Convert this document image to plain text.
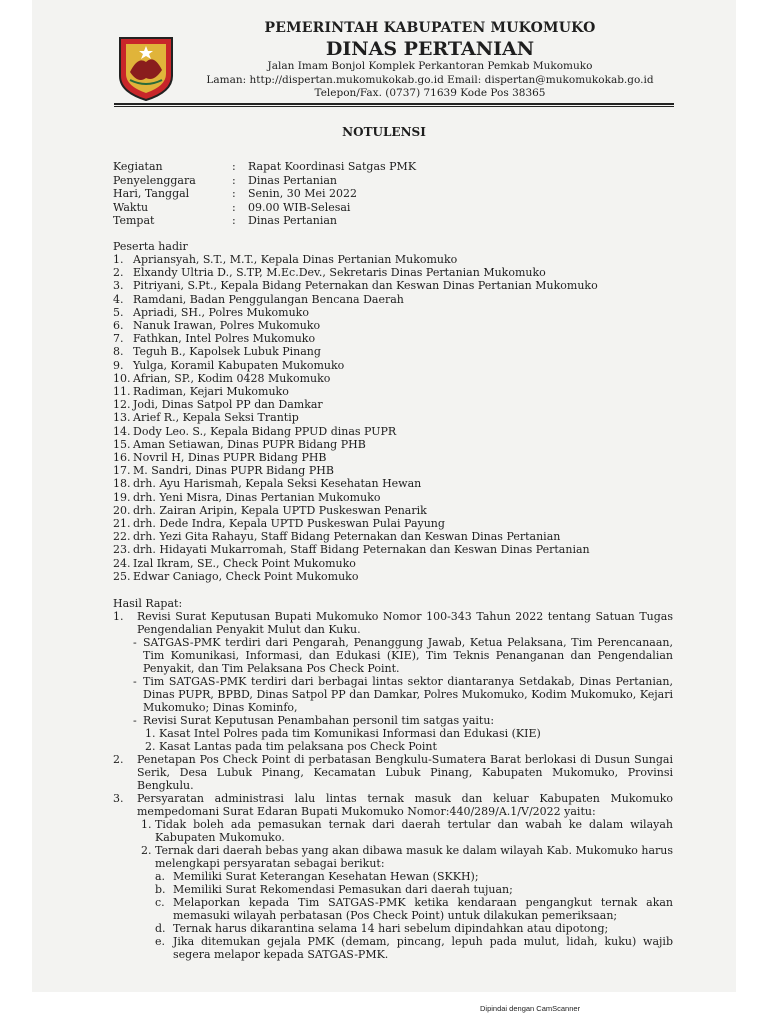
PEMERINTAH KABUPATEN MUKOMUKO
DINAS PERTANIAN
Jalan Imam Bonjol Komplek Perkantoran Pemkab Mukomuko
Laman: http://dispertan.mukomukokab.go.id Email: dispertan@mukomukokab.go.id
Telepon/Fax. (0737) 71639 Kode Pos 38365
NOTULENSI
Kegiatan	:	Rapat Koordinasi Satgas PMK
Penyelenggara	:	Dinas Pertanian
Hari, Tanggal	:	Senin, 30 Mei 2022
Waktu	:	09.00 WIB-Selesai
Tempat	:	Dinas Pertanian
Peserta hadir
1. Apriansyah, S.T., M.T., Kepala Dinas Pertanian Mukomuko
2. Elxandy Ultria D., S.TP, M.Ec.Dev., Sekretaris Dinas Pertanian Mukomuko
3. Pitriyani, S.Pt., Kepala Bidang Peternakan dan Keswan Dinas Pertanian Mukomuko
4. Ramdani, Badan Penggulangan Bencana Daerah
5. Apriadi, SH., Polres Mukomuko
6. Nanuk Irawan, Polres Mukomuko
7. Fathkan, Intel Polres Mukomuko
8. Teguh B., Kapolsek Lubuk Pinang
9. Yulga, Koramil Kabupaten Mukomuko
10. Afrian, SP., Kodim 0428 Mukomuko
11. Radiman, Kejari Mukomuko
12. Jodi, Dinas Satpol PP dan Damkar
13. Arief R., Kepala Seksi Trantip
14. Dody Leo. S., Kepala Bidang PPUD dinas PUPR
15. Aman Setiawan, Dinas PUPR Bidang PHB
16. Novril H, Dinas PUPR Bidang PHB
17. M. Sandri, Dinas PUPR Bidang PHB
18. drh. Ayu Harismah, Kepala Seksi Kesehatan Hewan
19. drh. Yeni Misra, Dinas Pertanian Mukomuko
20. drh. Zairan Aripin, Kepala UPTD Puskeswan Penarik
21. drh. Dede Indra, Kepala UPTD Puskeswan Pulai Payung
22. drh. Yezi Gita Rahayu, Staff Bidang Peternakan dan Keswan Dinas Pertanian
23. drh. Hidayati Mukarromah, Staff Bidang Peternakan dan Keswan Dinas Pertanian
24. Izal Ikram, SE., Check Point Mukomuko
25. Edwar Caniago, Check Point Mukomuko

Hasil Rapat:

1.	Revisi Surat Keputusan Bupati Mukomuko Nomor 100-343 Tahun 2022 tentang Satuan Tugas Pengendalian Penyakit Mulut dan Kuku.
- SATGAS-PMK terdiri dari Pengarah, Penanggung Jawab, Ketua Pelaksana, Tim Perencanaan, Tim Komunikasi, Informasi, dan Edukasi (KIE), Tim Teknis Penanganan dan Pengendalian Penyakit, dan Tim Pelaksana Pos Check Point.
- Tim SATGAS-PMK terdiri dari berbagai lintas sektor diantaranya Setdakab, Dinas Pertanian, Dinas PUPR, BPBD, Dinas Satpol PP dan Damkar, Polres Mukomuko, Kodim Mukomuko, Kejari Mukomuko; Dinas Kominfo,
- Revisi Surat Keputusan Penambahan personil tim satgas yaitu:
1. Kasat Intel Polres pada tim Komunikasi Informasi dan Edukasi (KIE)
2. Kasat Lantas pada tim pelaksana pos Check Point
2.	Penetapan Pos Check Point di perbatasan Bengkulu-Sumatera Barat berlokasi di Dusun Sungai Serik, Desa Lubuk Pinang, Kecamatan Lubuk Pinang, Kabupaten Mukomuko, Provinsi Bengkulu.
3.	Persyaratan administrasi lalu lintas ternak masuk dan keluar Kabupaten Mukomuko mempedomani Surat Edaran Bupati Mukomuko Nomor:440/289/A.1/V/2022 yaitu:
1. Tidak boleh ada pemasukan ternak dari daerah tertular dan wabah ke dalam wilayah Kabupaten Mukomuko.
2. Ternak dari daerah bebas yang akan dibawa masuk ke dalam wilayah Kab. Mukomuko harus melengkapi persyaratan sebagai berikut:
a. Memiliki Surat Keterangan Kesehatan Hewan (SKKH);
b. Memiliki Surat Rekomendasi Pemasukan dari daerah tujuan;
c. Melaporkan kepada Tim SATGAS-PMK ketika kendaraan pengangkut ternak akan memasuki wilayah perbatasan (Pos Check Point) untuk dilakukan pemeriksaan;
d. Ternak harus dikarantina selama 14 hari sebelum dipindahkan atau dipotong;
e. Jika ditemukan gejala PMK (demam, pincang, lepuh pada mulut, lidah, kuku) wajib segera melapor kepada SATGAS-PMK.
Dipindai dengan CamScanner
